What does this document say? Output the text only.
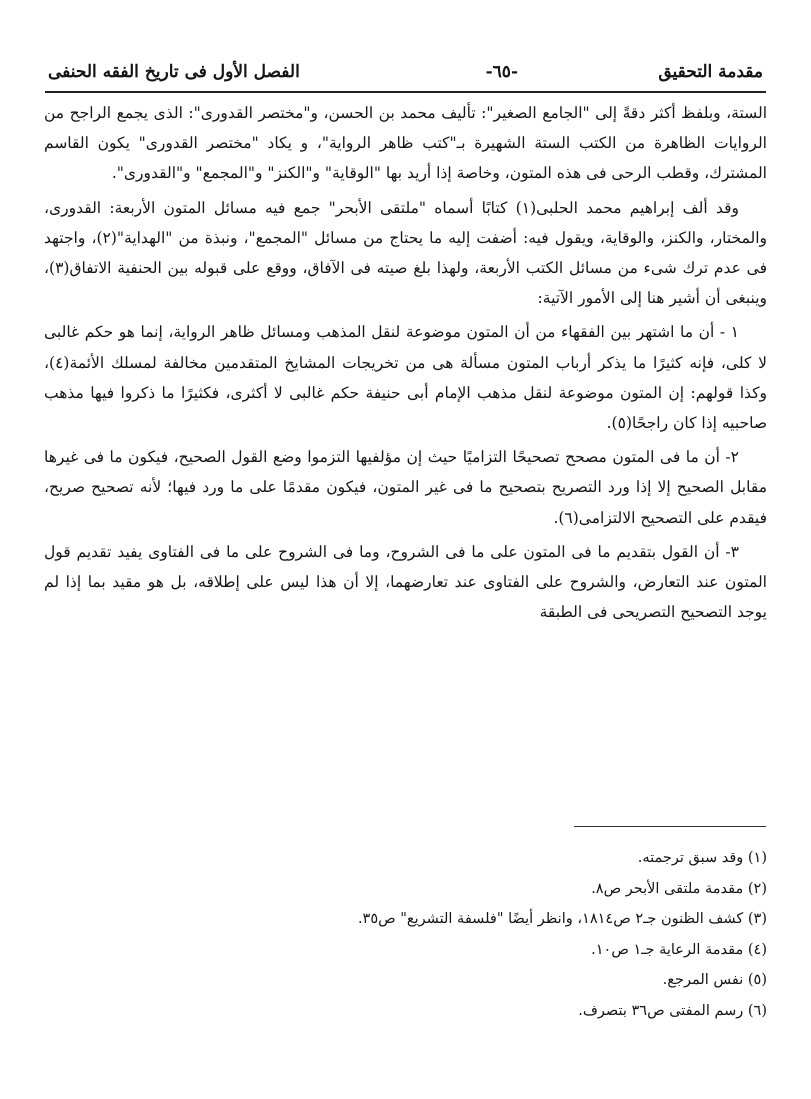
مقدمة التحقيق
-٦٥-
الفصل الأول فى تاريخ الفقه الحنفى

الستة، وبلفظ أكثر دقةً إلى "الجامع الصغير": تأليف محمد بن الحسن، و"مختصر القدورى": الذى يجمع الراجح من الروايات الظاهرة من الكتب الستة الشهيرة بـ"كتب ظاهر الرواية"، و يكاد "مختصر القدورى" يكون القاسم المشترك، وقطب الرحى فى هذه المتون، وخاصة إذا أريد بها "الوقاية" و"الكنز" و"المجمع" و"القدورى".

وقد ألف إبراهيم محمد الحلبى(١) كتابًا أسماه "ملتقى الأبحر" جمع فيه مسائل المتون الأربعة: القدورى، والمختار، والكنز، والوقاية، ويقول فيه: أضفت إليه ما يحتاج من مسائل "المجمع"، ونبذة من "الهداية"(٢)، واجتهد فى عدم ترك شىء من مسائل الكتب الأربعة، ولهذا بلغ صيته فى الآفاق، ووقع على قبوله بين الحنفية الاتفاق(٣)، وينبغى أن أشير هنا إلى الأمور الآتية:

١ - أن ما اشتهر بين الفقهاء من أن المتون موضوعة لنقل المذهب ومسائل ظاهر الرواية، إنما هو حكم غالبى لا كلى، فإنه كثيرًا ما يذكر أرباب المتون مسألة هى من تخريجات المشايخ المتقدمين مخالفة لمسلك الأئمة(٤)، وكذا قولهم: إن المتون موضوعة لنقل مذهب الإمام أبى حنيفة حكم غالبى لا أكثرى، فكثيرًا ما ذكروا فيها مذهب صاحبيه إذا كان راجحًا(٥).

٢- أن ما فى المتون مصحح تصحيحًا التزاميًا حيث إن مؤلفيها التزموا وضع القول الصحيح، فيكون ما فى غيرها مقابل الصحيح إلا إذا ورد التصريح بتصحيح ما فى غير المتون، فيكون مقدمًا على ما ورد فيها؛ لأنه تصحيح صريح، فيقدم على التصحيح الالتزامى(٦).

٣- أن القول بتقديم ما فى المتون على ما فى الشروح، وما فى الشروح على ما فى الفتاوى يفيد تقديم قول المتون عند التعارض، والشروح على الفتاوى عند تعارضهما، إلا أن هذا ليس على إطلاقه، بل هو مقيد بما إذا لم يوجد التصحيح التصريحى فى الطبقة

(١) وقد سبق ترجمته.
(٢) مقدمة ملتقى الأبحر ص٨.
(٣) كشف الظنون جـ٢ ص١٨١٤، وانظر أيضًا "فلسفة التشريع" ص٣٥.
(٤) مقدمة الرعاية جـ١ ص١٠.
(٥) نفس المرجع.
(٦) رسم المفتى ص٣٦ بتصرف.
